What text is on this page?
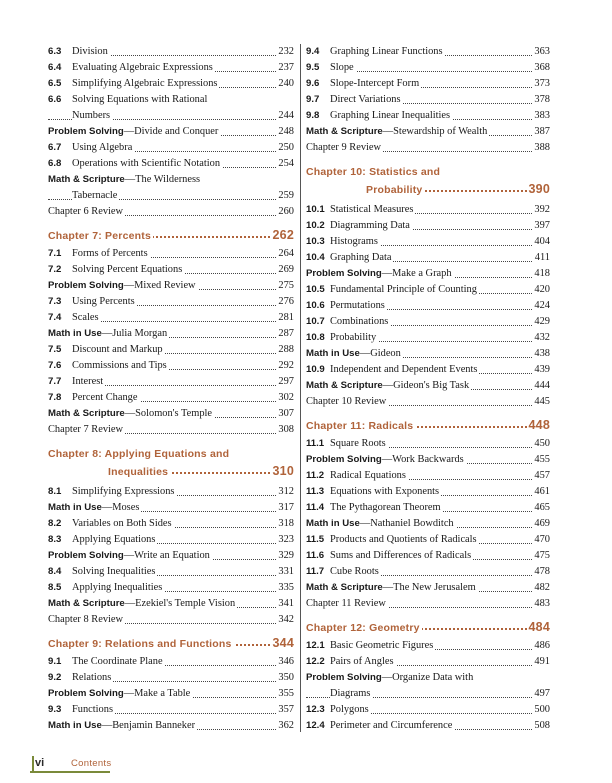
6.3 Division	232
6.4 Evaluating Algebraic Expressions	237
6.5 Simplifying Algebraic Expressions	240
6.6 Solving Equations with Rational
Numbers	244
Problem Solving—Divide and Conquer	248
6.7 Using Algebra	250
6.8 Operations with Scientific Notation	254
Math & Scripture—The Wilderness
Tabernacle	259
Chapter 6 Review	260
Chapter 7: Percents	262
7.1 Forms of Percents	264
7.2 Solving Percent Equations	269
Problem Solving—Mixed Review	275
7.3 Using Percents	276
7.4 Scales	281
Math in Use—Julia Morgan	287
7.5 Discount and Markup	288
7.6 Commissions and Tips	292
7.7 Interest	297
7.8 Percent Change	302
Math & Scripture—Solomon's Temple	307
Chapter 7 Review	308
Chapter 8: Applying Equations and
Inequalities	310
8.1 Simplifying Expressions	312
Math in Use—Moses	317
8.2 Variables on Both Sides	318
8.3 Applying Equations	323
Problem Solving—Write an Equation	329
8.4 Solving Inequalities	331
8.5 Applying Inequalities	335
Math & Scripture—Ezekiel's Temple Vision	341
Chapter 8 Review	342
Chapter 9: Relations and Functions	344
9.1 The Coordinate Plane	346
9.2 Relations	350
Problem Solving—Make a Table	355
9.3 Functions	357
Math in Use—Benjamin Banneker	362
9.4 Graphing Linear Functions	363
9.5 Slope	368
9.6 Slope-Intercept Form	373
9.7 Direct Variations	378
9.8 Graphing Linear Inequalities	383
Math & Scripture—Stewardship of Wealth	387
Chapter 9 Review	388
Chapter 10: Statistics and
Probability	390
10.1 Statistical Measures	392
10.2 Diagramming Data	397
10.3 Histograms	404
10.4 Graphing Data	411
Problem Solving—Make a Graph	418
10.5 Fundamental Principle of Counting	420
10.6 Permutations	424
10.7 Combinations	429
10.8 Probability	432
Math in Use—Gideon	438
10.9 Independent and Dependent Events	439
Math & Scripture—Gideon's Big Task	444
Chapter 10 Review	445
Chapter 11: Radicals	448
11.1 Square Roots	450
Problem Solving—Work Backwards	455
11.2 Radical Equations	457
11.3 Equations with Exponents	461
11.4 The Pythagorean Theorem	465
Math in Use—Nathaniel Bowditch	469
11.5 Products and Quotients of Radicals	470
11.6 Sums and Differences of Radicals	475
11.7 Cube Roots	478
Math & Scripture—The New Jerusalem	482
Chapter 11 Review	483
Chapter 12: Geometry	484
12.1 Basic Geometric Figures	486
12.2 Pairs of Angles	491
Problem Solving—Organize Data with
Diagrams	497
12.3 Polygons	500
12.4 Perimeter and Circumference	508
vi	Contents
